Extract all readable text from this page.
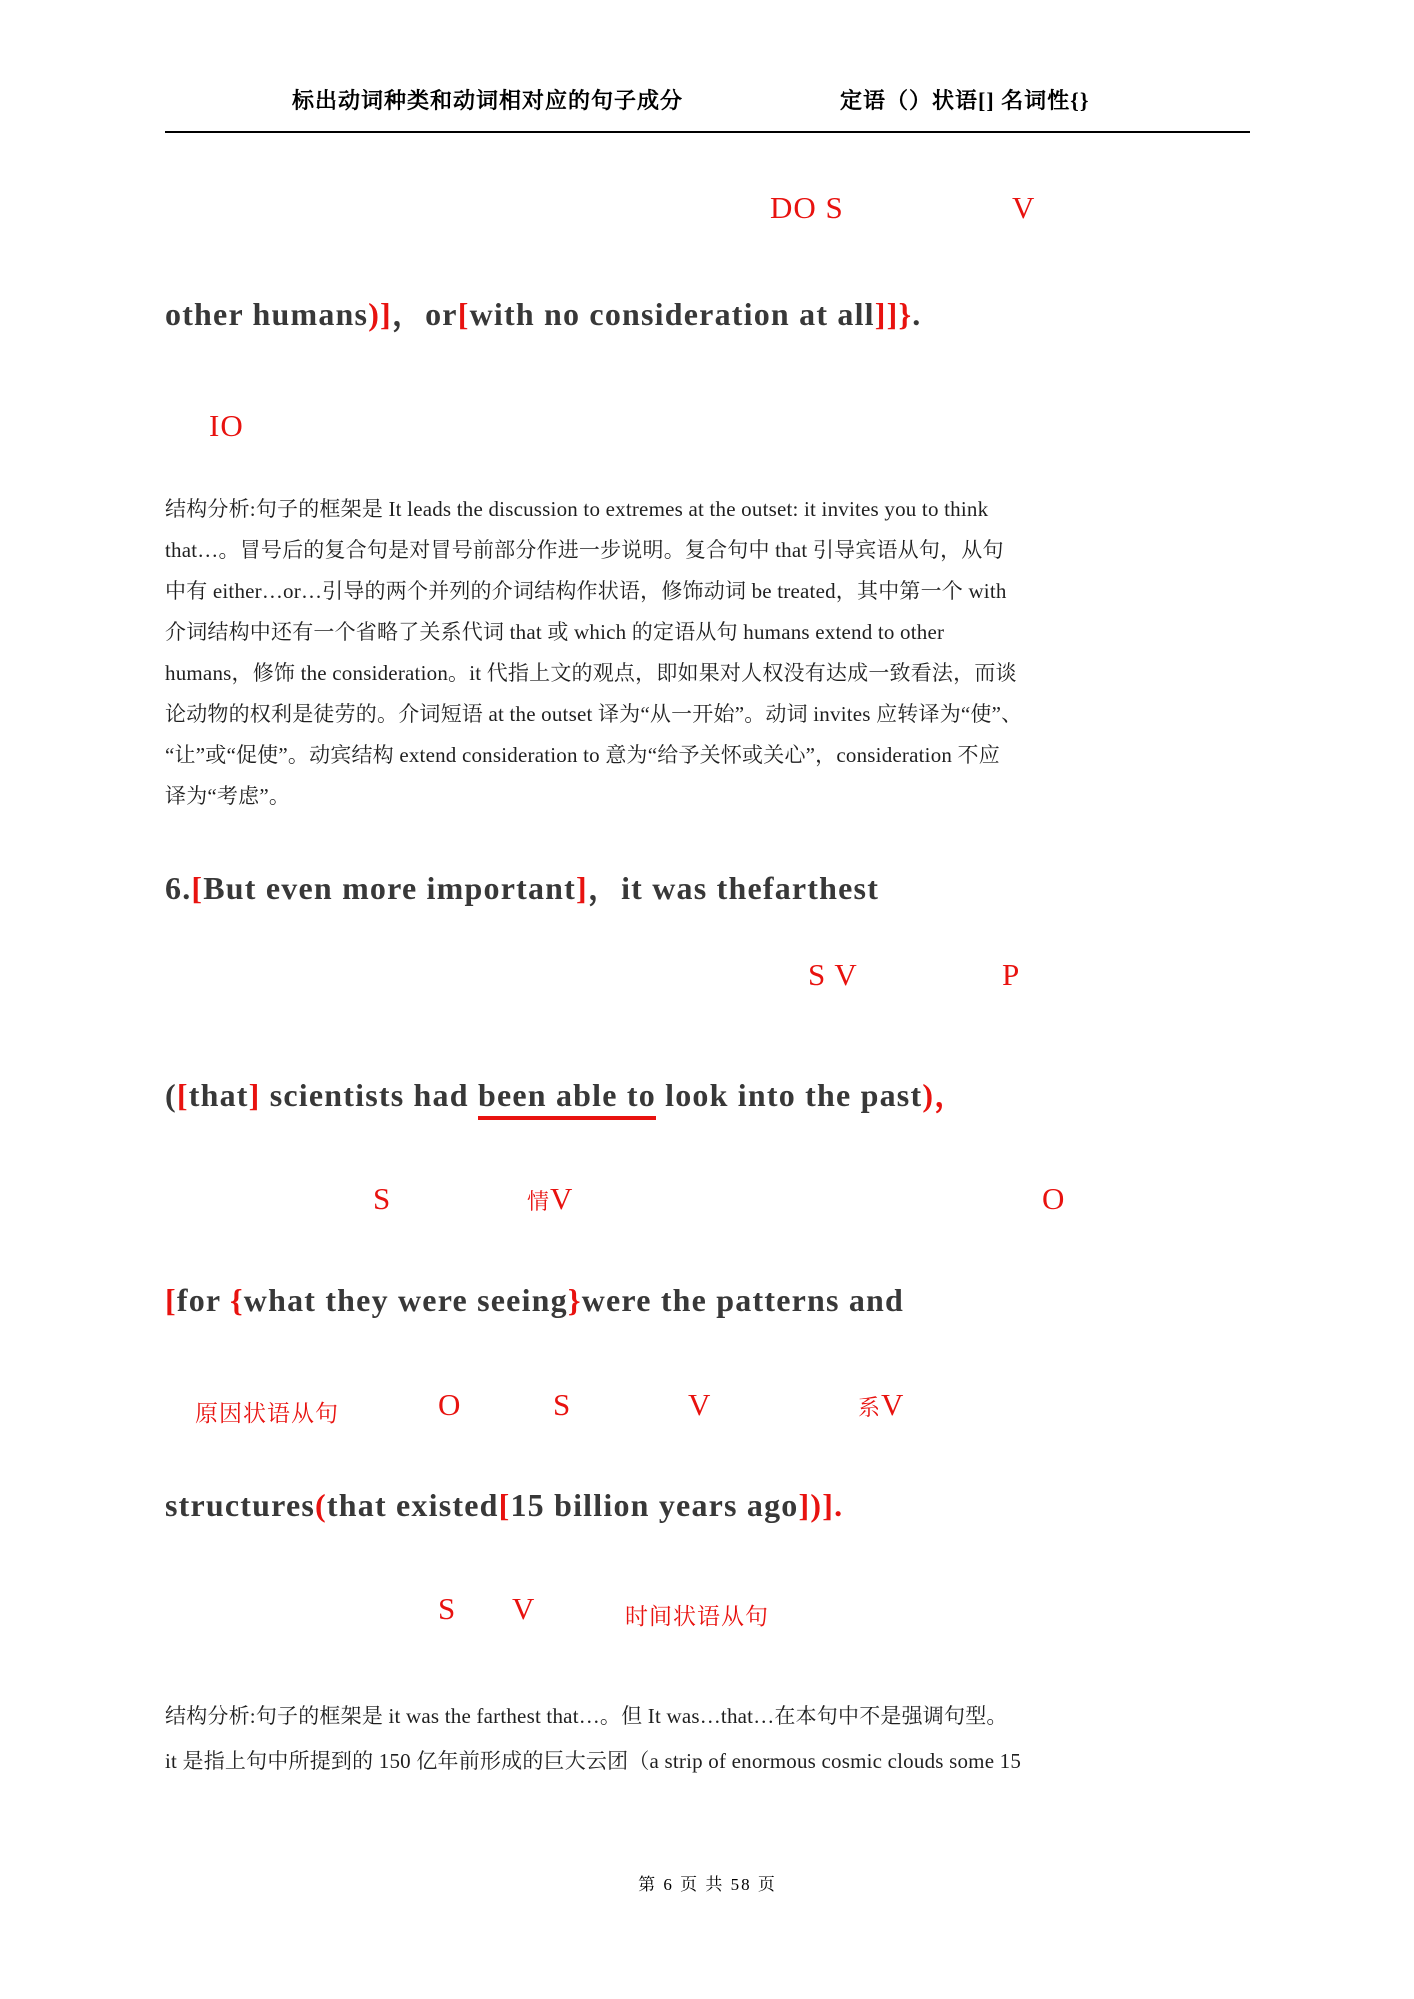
标出动词种类和动词相对应的句子成分	定语（）状语[] 名词性{}
DO S	V
other humans)]，or[with no consideration at all]]}.
IO
结构分析:句子的框架是 It leads the discussion to extremes at the outset: it invites you to think
that…。冒号后的复合句是对冒号前部分作进一步说明。复合句中 that 引导宾语从句，从句
中有 either…or…引导的两个并列的介词结构作状语，修饰动词 be treated，其中第一个 with
介词结构中还有一个省略了关系代词 that 或 which 的定语从句 humans extend to other
humans，修饰 the consideration。it 代指上文的观点，即如果对人权没有达成一致看法，而谈
论动物的权利是徒劳的。介词短语 at the outset 译为“从一开始”。动词 invites 应转译为“使”、
“让”或“促使”。动宾结构 extend consideration to 意为“给予关怀或关心”，consideration 不应
译为“考虑”。
6.[But even more important]，it was thefarthest
S V	P
([that] scientists had been able to look into the past)，
S	情V	O
[for {what they were seeing}were the patterns and
原因状语从句	O	S	V	系V
structures(that existed[15 billion years ago])].
S V	时间状语从句
结构分析:句子的框架是 it was the farthest that…。但 It was…that…在本句中不是强调句型。
it 是指上句中所提到的 150 亿年前形成的巨大云团（a strip of enormous cosmic clouds some 15
第 6 页 共 58 页
